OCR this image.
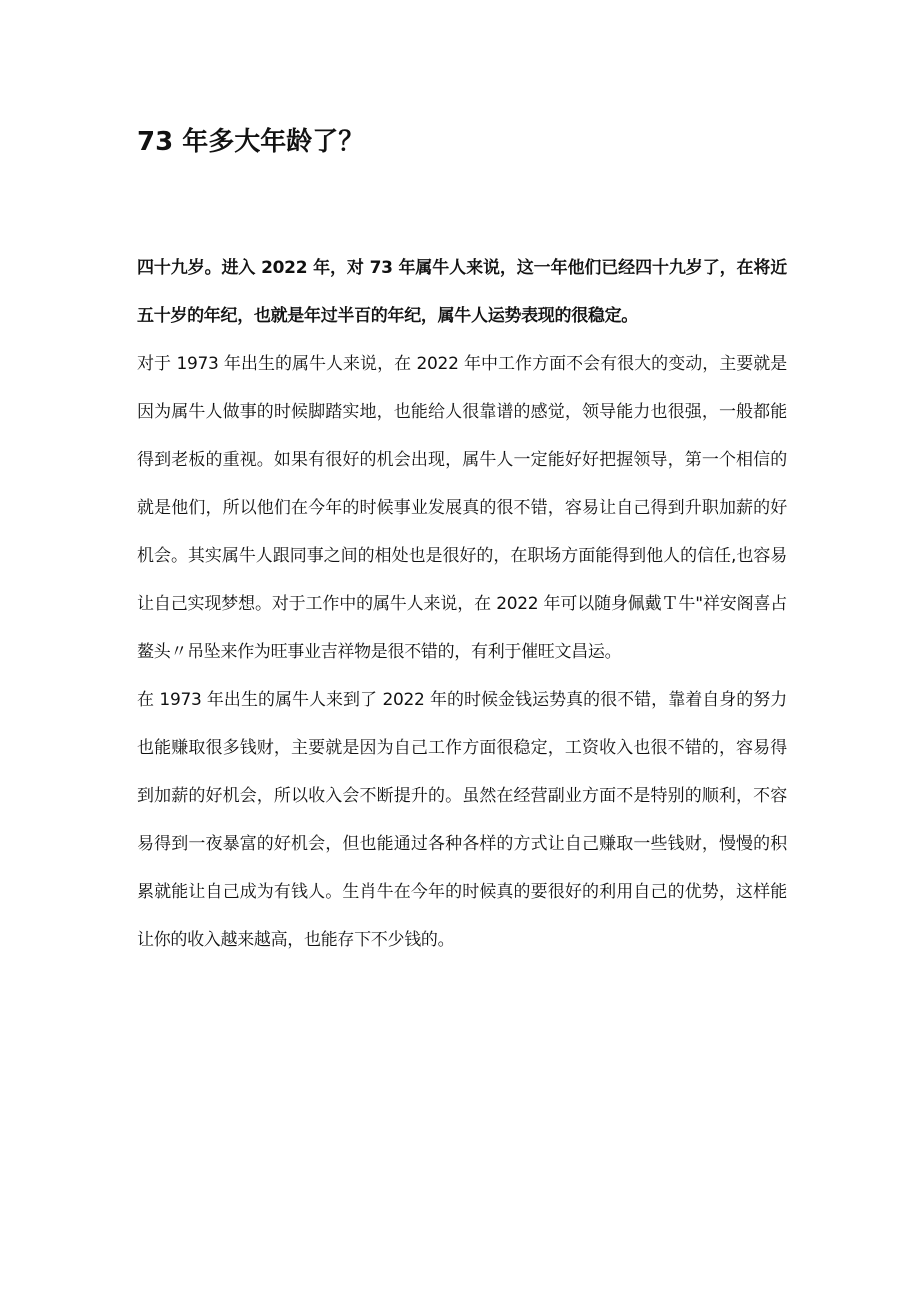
73 年多大年龄了？

四十九岁。进入 2022 年，对 73 年属牛人来说，这一年他们已经四十九岁了，在将近五十岁的年纪，也就是年过半百的年纪，属牛人运势表现的很稳定。

对于 1973 年出生的属牛人来说，在 2022 年中工作方面不会有很大的变动，主要就是因为属牛人做事的时候脚踏实地，也能给人很靠谱的感觉，领导能力也很强，一般都能得到老板的重视。如果有很好的机会出现，属牛人一定能好好把握领导，第一个相信的就是他们，所以他们在今年的时候事业发展真的很不错，容易让自己得到升职加薪的好机会。其实属牛人跟同事之间的相处也是很好的，在职场方面能得到他人的信任,也容易让自己实现梦想。对于工作中的属牛人来说，在 2022 年可以随身佩戴Ｔ牛"祥安阁喜占鳌头〃吊坠来作为旺事业吉祥物是很不错的，有利于催旺文昌运。

在 1973 年出生的属牛人来到了 2022 年的时候金钱运势真的很不错，靠着自身的努力也能赚取很多钱财，主要就是因为自己工作方面很稳定，工资收入也很不错的，容易得到加薪的好机会，所以收入会不断提升的。虽然在经营副业方面不是特别的顺利，不容易得到一夜暴富的好机会，但也能通过各种各样的方式让自己赚取一些钱财，慢慢的积累就能让自己成为有钱人。生肖牛在今年的时候真的要很好的利用自己的优势，这样能让你的收入越来越高，也能存下不少钱的。
